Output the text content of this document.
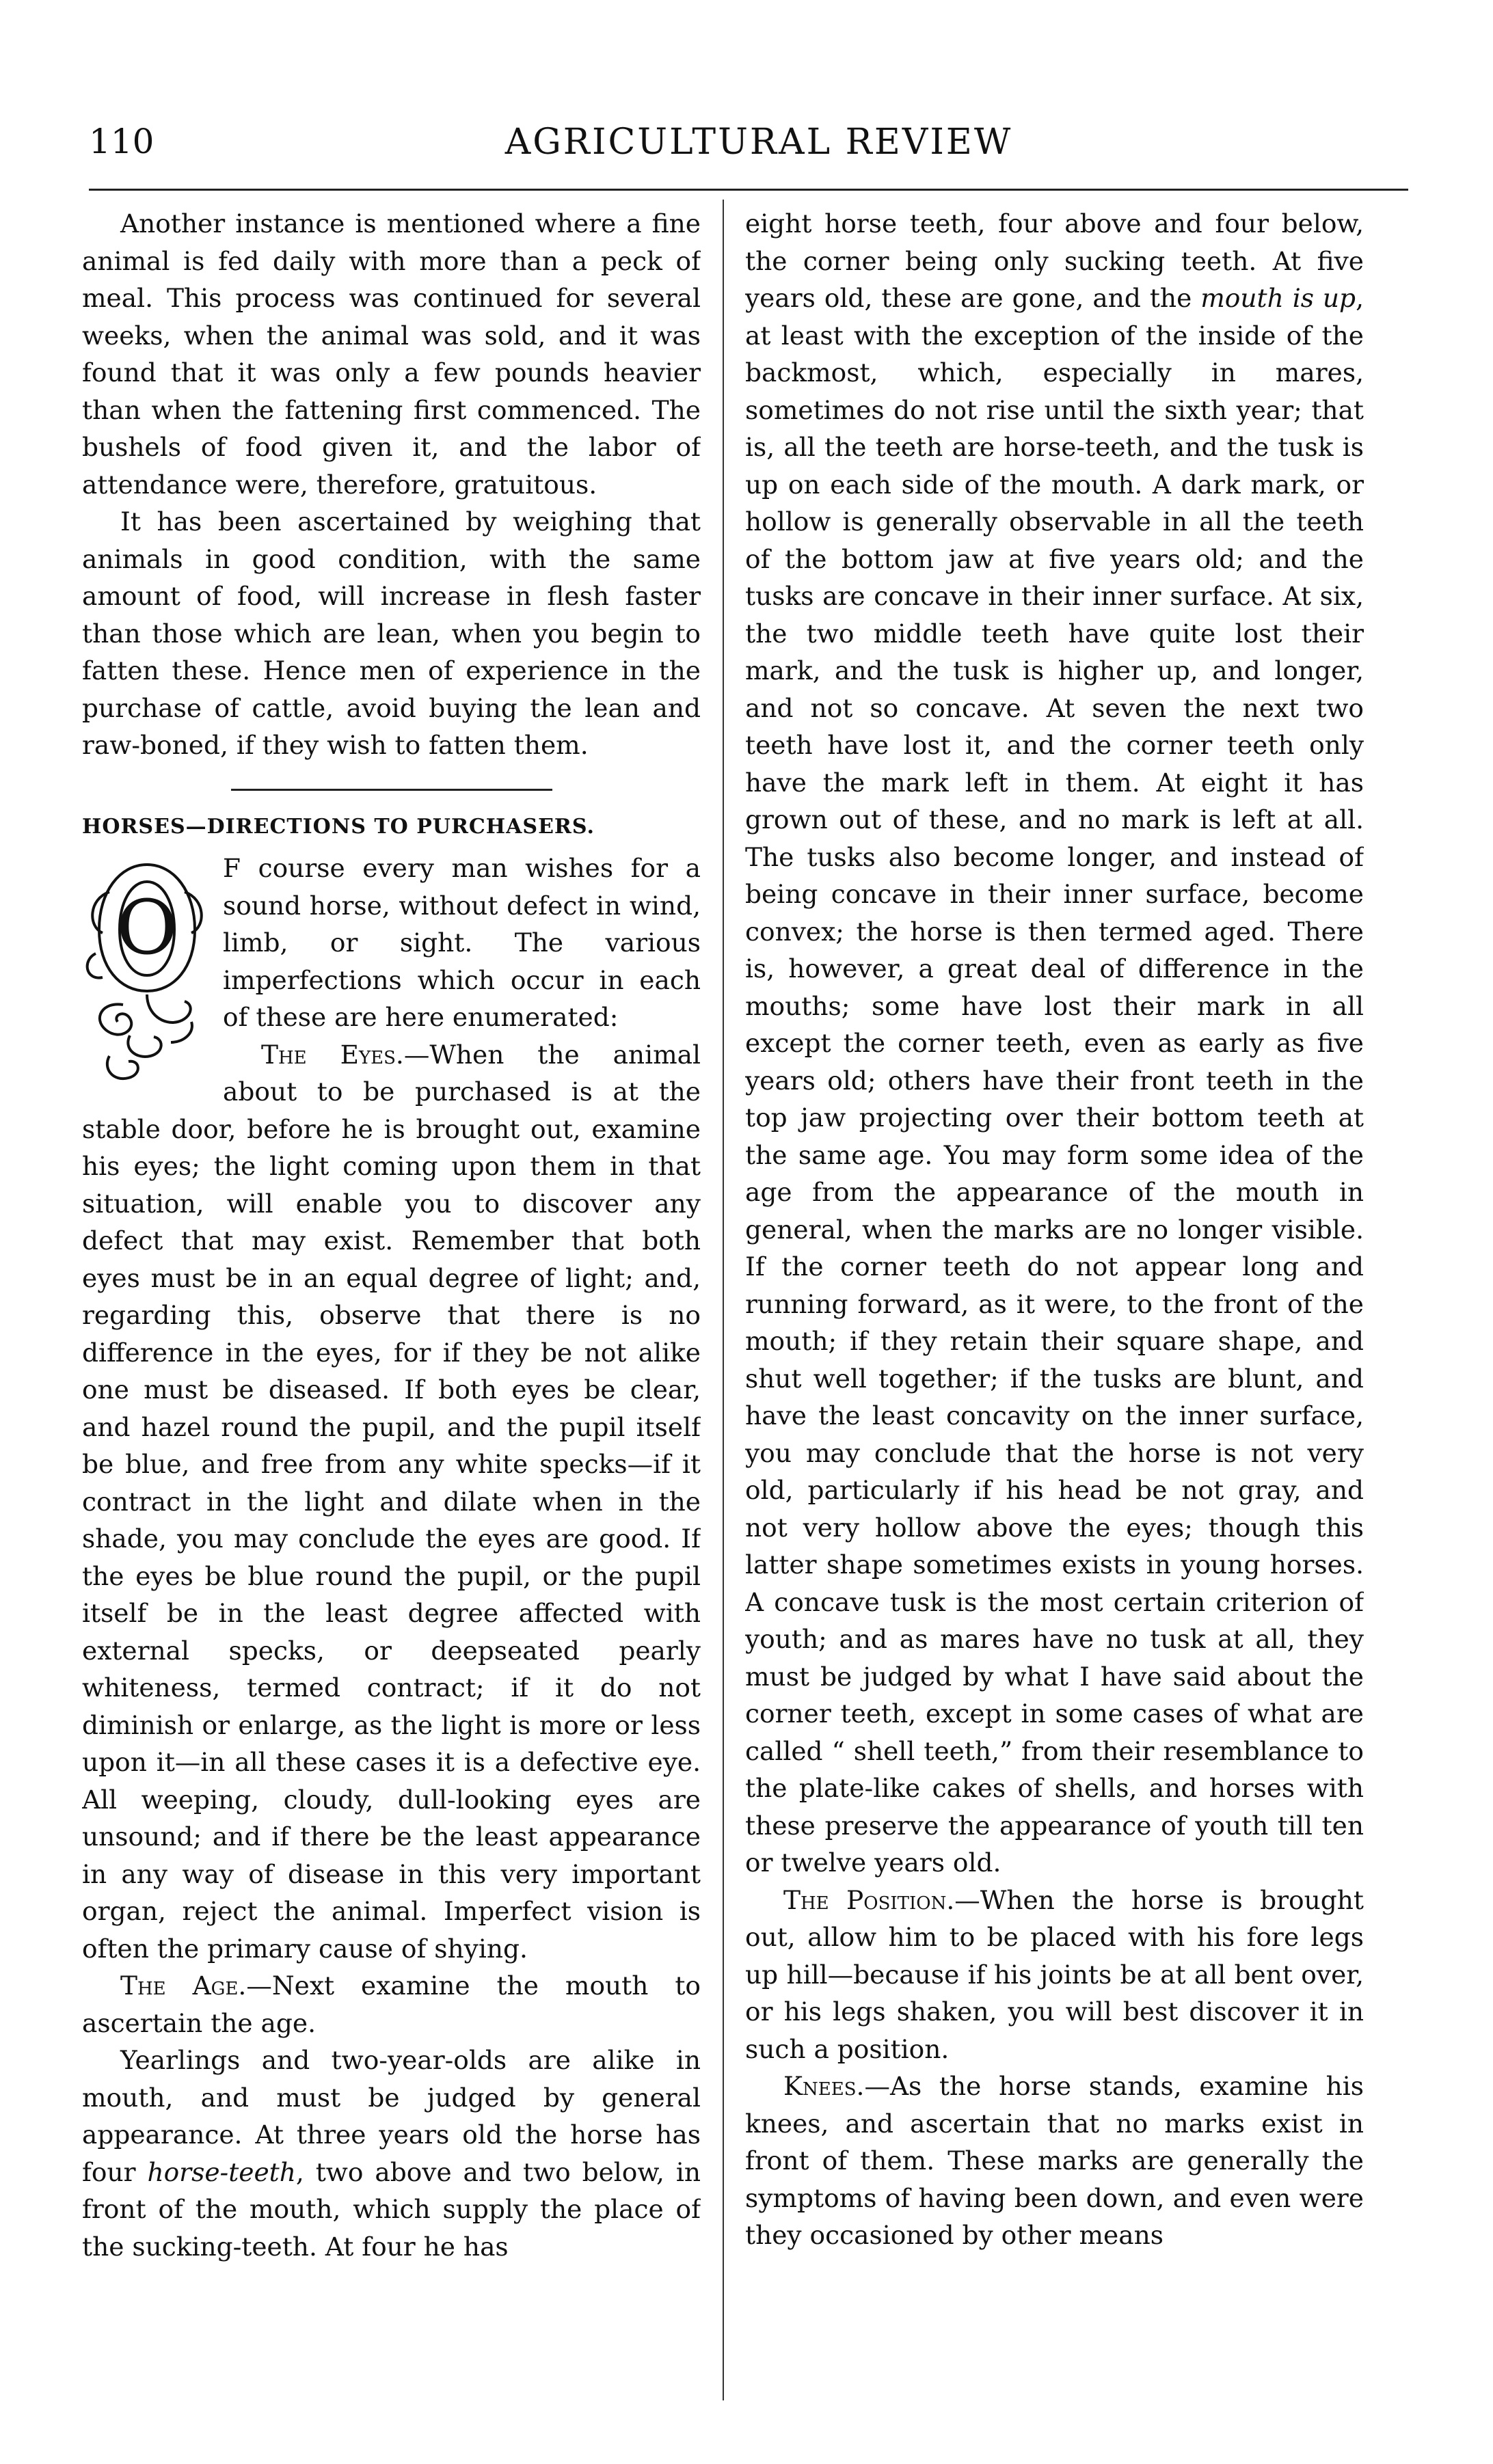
110	AGRICULTURAL REVIEW

Another instance is mentioned where a fine animal is fed daily with more than a peck of meal. This process was continued for several weeks, when the animal was sold, and it was found that it was only a few pounds heavier than when the fattening first commenced. The bushels of food given it, and the labor of attendance were, therefore, gratuitous.

It has been ascertained by weighing that animals in good condition, with the same amount of food, will increase in flesh faster than those which are lean, when you begin to fatten these. Hence men of experience in the purchase of cattle, avoid buying the lean and raw-boned, if they wish to fatten them.

HORSES—DIRECTIONS TO PURCHASERS.
O

F course every man wishes for a sound horse, without defect in wind, limb, or sight. The various imperfections which occur in each of these are here enumerated:

The Eyes.—When the animal about to be purchased is at the stable door, before he is brought out, examine his eyes; the light coming upon them in that situation, will enable you to discover any defect that may exist. Remember that both eyes must be in an equal degree of light; and, regarding this, observe that there is no difference in the eyes, for if they be not alike one must be diseased. If both eyes be clear, and hazel round the pupil, and the pupil itself be blue, and free from any white specks—if it contract in the light and dilate when in the shade, you may conclude the eyes are good. If the eyes be blue round the pupil, or the pupil itself be in the least degree affected with external specks, or deepseated pearly whiteness, termed contract; if it do not diminish or enlarge, as the light is more or less upon it—in all these cases it is a defective eye. All weeping, cloudy, dull-looking eyes are unsound; and if there be the least appearance in any way of disease in this very important organ, reject the animal. Imperfect vision is often the primary cause of shying.

The Age.—Next examine the mouth to ascertain the age.

Yearlings and two-year-olds are alike in mouth, and must be judged by general appearance. At three years old the horse has four horse-teeth, two above and two below, in front of the mouth, which supply the place of the sucking-teeth. At four he has

eight horse teeth, four above and four below, the corner being only sucking teeth. At five years old, these are gone, and the mouth is up, at least with the exception of the inside of the backmost, which, especially in mares, sometimes do not rise until the sixth year; that is, all the teeth are horse-teeth, and the tusk is up on each side of the mouth. A dark mark, or hollow is generally observable in all the teeth of the bottom jaw at five years old; and the tusks are concave in their inner surface. At six, the two middle teeth have quite lost their mark, and the tusk is higher up, and longer, and not so concave. At seven the next two teeth have lost it, and the corner teeth only have the mark left in them. At eight it has grown out of these, and no mark is left at all. The tusks also become longer, and instead of being concave in their inner surface, become convex; the horse is then termed aged. There is, however, a great deal of difference in the mouths; some have lost their mark in all except the corner teeth, even as early as five years old; others have their front teeth in the top jaw projecting over their bottom teeth at the same age. You may form some idea of the age from the appearance of the mouth in general, when the marks are no longer visible. If the corner teeth do not appear long and running forward, as it were, to the front of the mouth; if they retain their square shape, and shut well together; if the tusks are blunt, and have the least concavity on the inner surface, you may conclude that the horse is not very old, particularly if his head be not gray, and not very hollow above the eyes; though this latter shape sometimes exists in young horses. A concave tusk is the most certain criterion of youth; and as mares have no tusk at all, they must be judged by what I have said about the corner teeth, except in some cases of what are called “ shell teeth,” from their resemblance to the plate-like cakes of shells, and horses with these preserve the appearance of youth till ten or twelve years old.

The Position.—When the horse is brought out, allow him to be placed with his fore legs up hill—because if his joints be at all bent over, or his legs shaken, you will best discover it in such a position.

Knees.—As the horse stands, examine his knees, and ascertain that no marks exist in front of them. These marks are generally the symptoms of having been down, and even were they occasioned by other means
